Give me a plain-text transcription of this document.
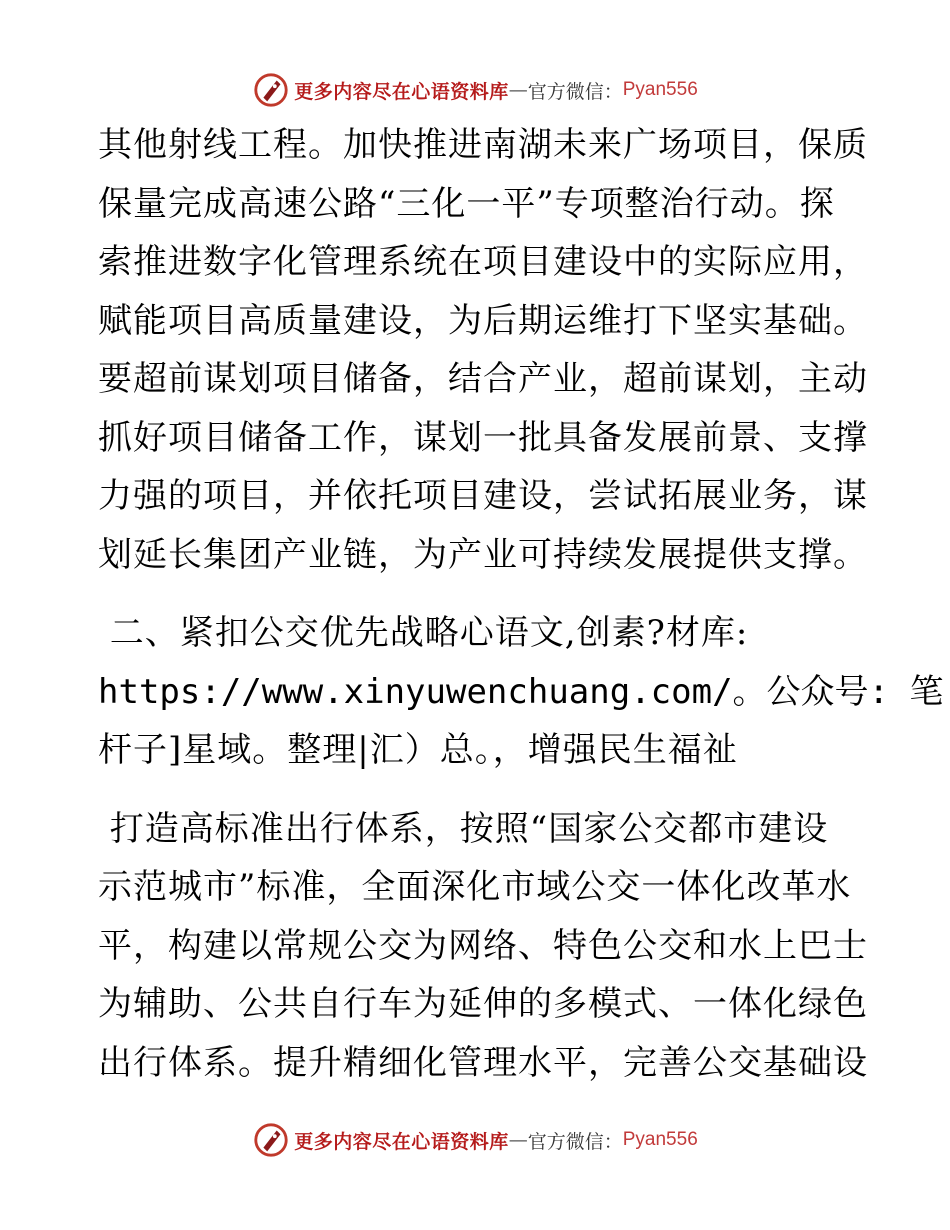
更多内容尽在心语资料库 — 官方微信： Pyan556
其他射线工程。加快推进南湖未来广场项目，保质
保量完成高速公路“三化一平”专项整治行动。探
索推进数字化管理系统在项目建设中的实际应用，
赋能项目高质量建设，为后期运维打下坚实基础。
要超前谋划项目储备，结合产业，超前谋划，主动
抓好项目储备工作，谋划一批具备发展前景、支撑
力强的项目，并依托项目建设，尝试拓展业务，谋
划延长集团产业链，为产业可持续发展提供支撑。
二、紧扣公交优先战略心语文,创素?材库:
https://www.xinyuwenchuang.com/。公众号: 笔
杆子]星域。整理|汇）总。，增强民生福祉
打造高标准出行体系，按照“国家公交都市建设
示范城市”标准，全面深化市域公交一体化改革水
平，构建以常规公交为网络、特色公交和水上巴士
为辅助、公共自行车为延伸的多模式、一体化绿色
出行体系。提升精细化管理水平，完善公交基础设
更多内容尽在心语资料库 — 官方微信： Pyan556
